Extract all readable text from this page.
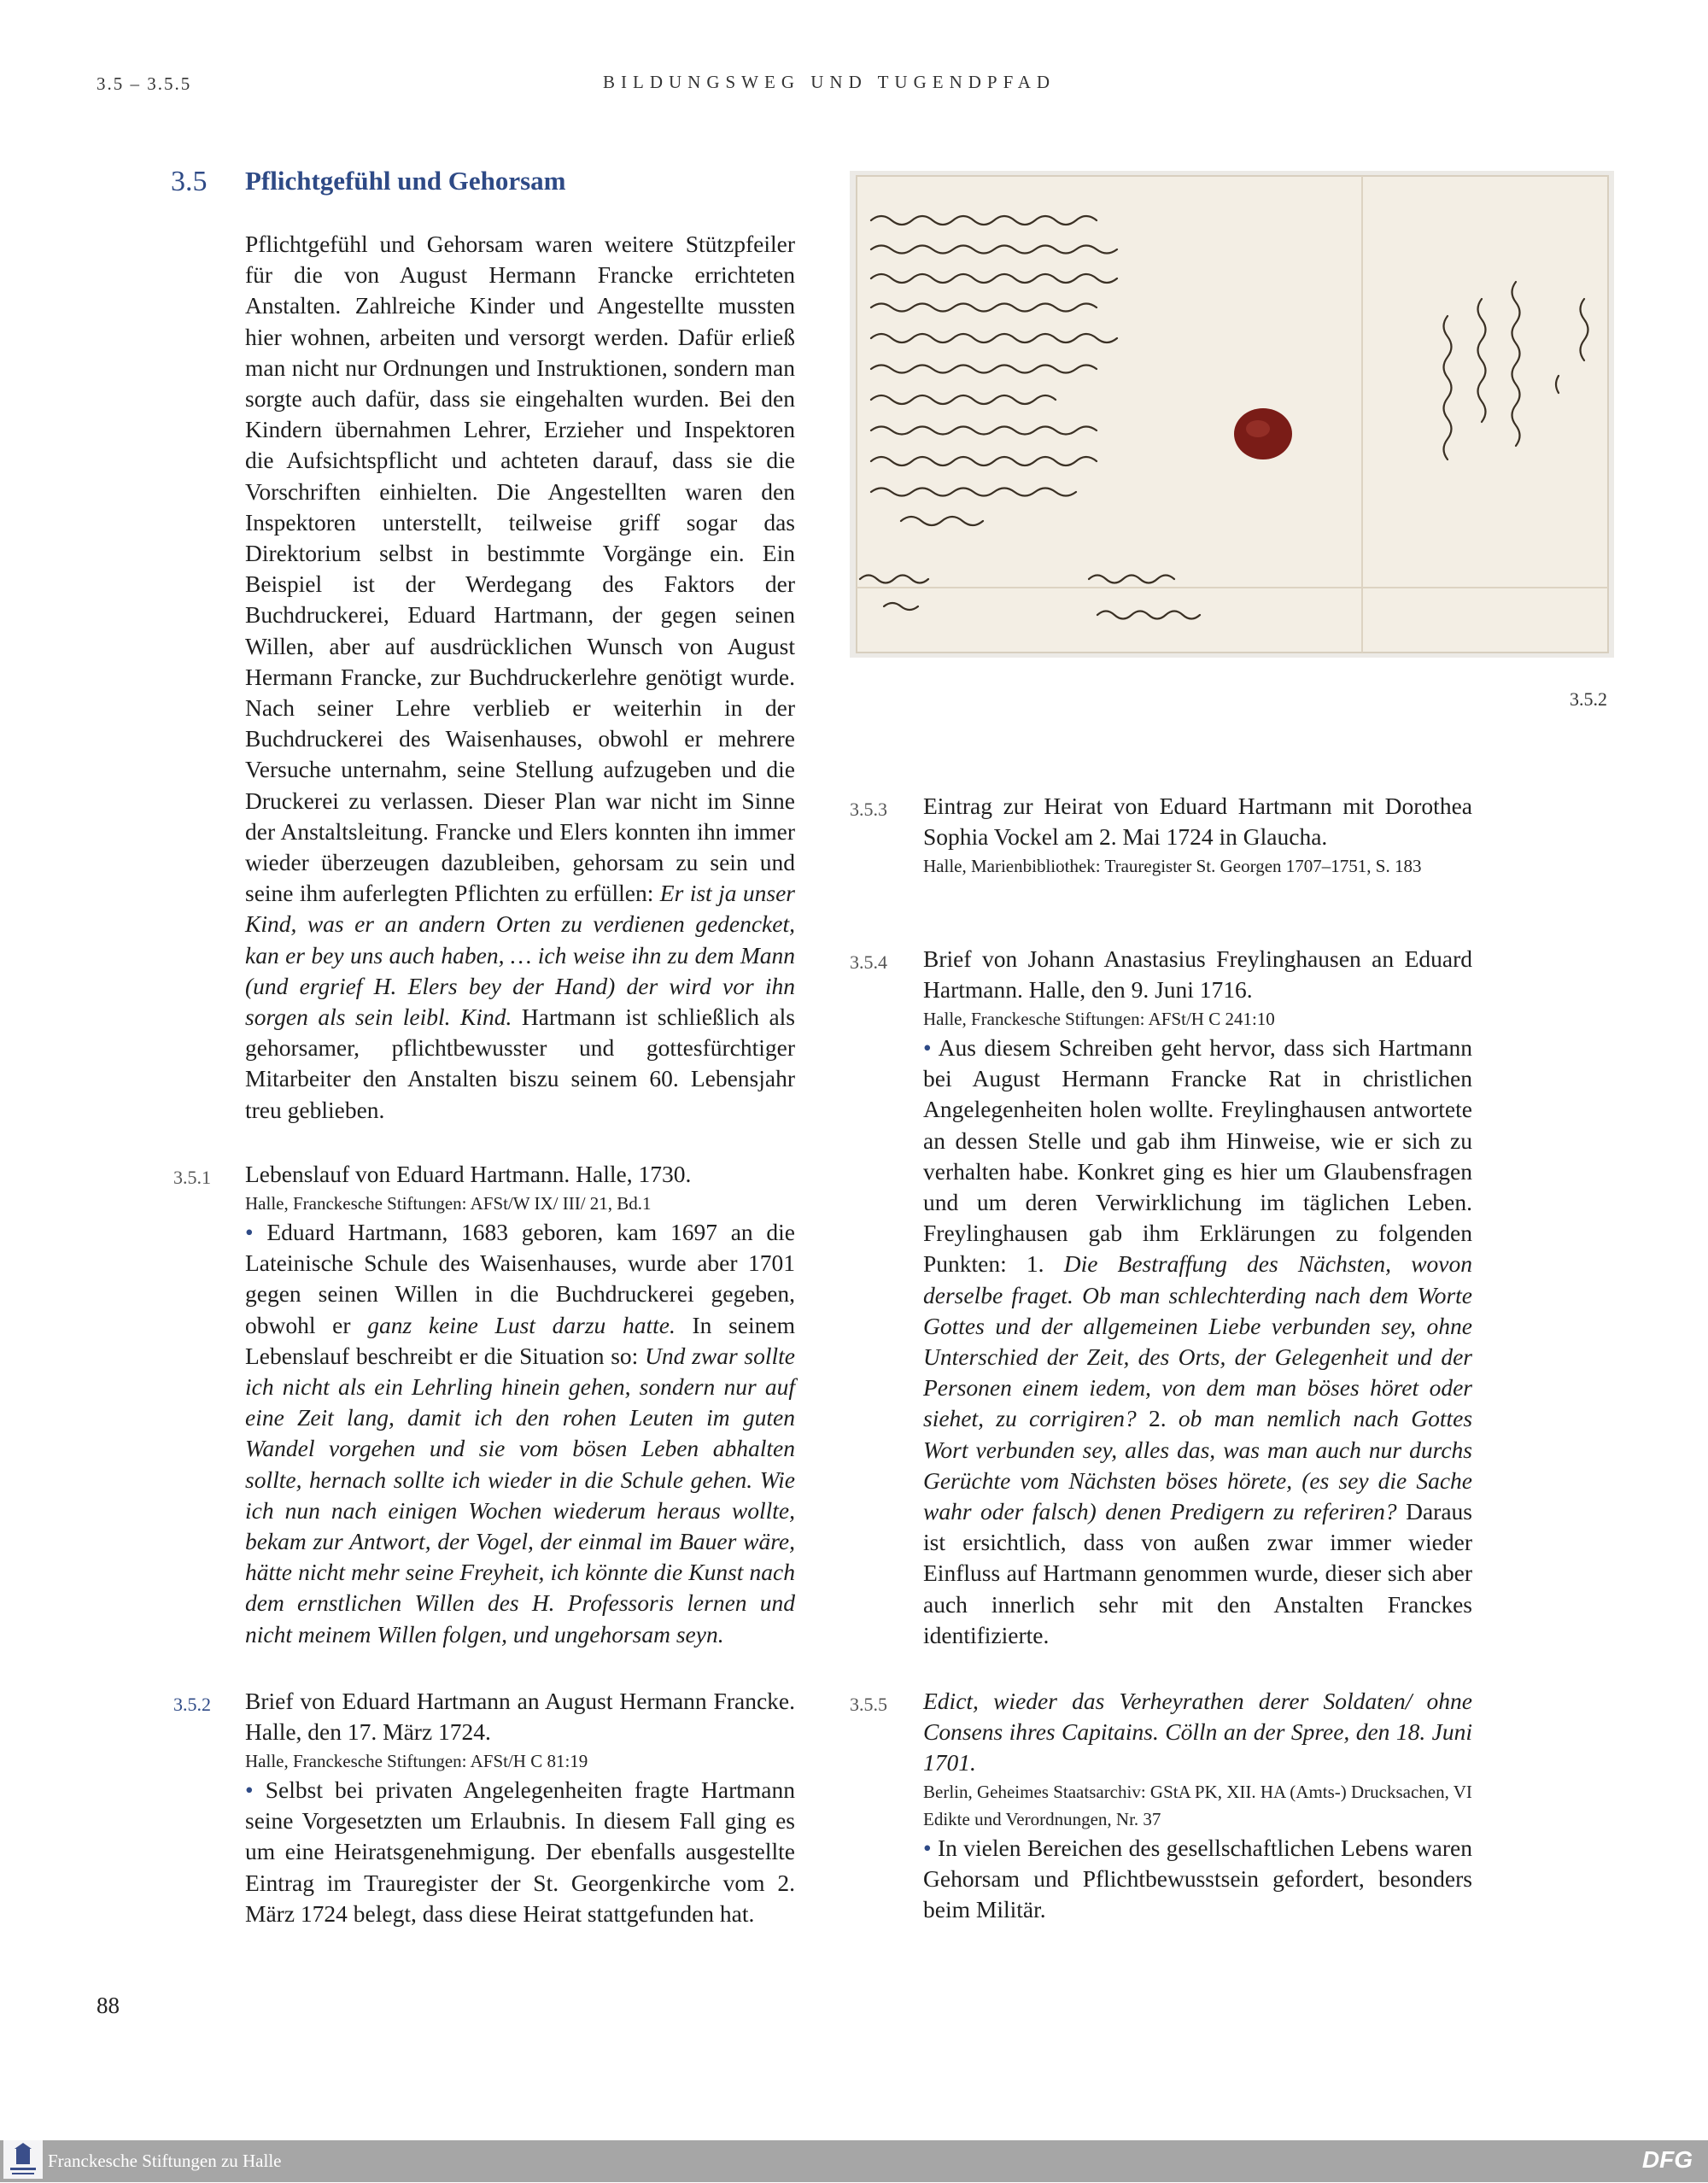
3.5 – 3.5.5	BILDUNGSWEG UND TUGENDPFAD
3.5 Pflichtgefühl und Gehorsam

Pflichtgefühl und Gehorsam waren weitere Stützpfeiler für die von August Hermann Francke errichteten Anstalten. Zahlreiche Kinder und Angestellte mussten hier wohnen, arbeiten und versorgt werden. Dafür erließ man nicht nur Ordnungen und Instruktionen, sondern man sorgte auch dafür, dass sie eingehalten wurden. Bei den Kindern übernahmen Lehrer, Erzieher und Inspektoren die Aufsichtspflicht und achteten darauf, dass sie die Vorschriften einhielten. Die Angestellten waren den Inspektoren unterstellt, teilweise griff sogar das Direktorium selbst in bestimmte Vorgänge ein. Ein Beispiel ist der Werdegang des Faktors der Buchdruckerei, Eduard Hartmann, der gegen seinen Willen, aber auf ausdrücklichen Wunsch von August Hermann Francke, zur Buchdruckerlehre genötigt wurde. Nach seiner Lehre verblieb er weiterhin in der Buchdruckerei des Waisenhauses, obwohl er mehrere Versuche unternahm, seine Stellung aufzugeben und die Druckerei zu verlassen. Dieser Plan war nicht im Sinne der Anstaltsleitung. Francke und Elers konnten ihn immer wieder überzeugen dazubleiben, gehorsam zu sein und seine ihm auferlegten Pflichten zu erfüllen: Er ist ja unser Kind, was er an andern Orten zu verdienen gedencket, kan er bey uns auch haben, … ich weise ihn zu dem Mann (und ergrief H. Elers bey der Hand) der wird vor ihn sorgen als sein leibl. Kind. Hartmann ist schließlich als gehorsamer, pflichtbewusster und gottesfürchtiger Mitarbeiter den Anstalten biszu seinem 60. Lebensjahr treu geblieben.

3.5.1 Lebenslauf von Eduard Hartmann. Halle, 1730.

Halle, Franckesche Stiftungen: AFSt/W IX/ III/ 21, Bd.1

• Eduard Hartmann, 1683 geboren, kam 1697 an die Lateinische Schule des Waisenhauses, wurde aber 1701 gegen seinen Willen in die Buchdruckerei gegeben, obwohl er ganz keine Lust darzu hatte. In seinem Lebenslauf beschreibt er die Situation so: Und zwar sollte ich nicht als ein Lehrling hinein gehen, sondern nur auf eine Zeit lang, damit ich den rohen Leuten im guten Wandel vorgehen und sie vom bösen Leben abhalten sollte, hernach sollte ich wieder in die Schule gehen. Wie ich nun nach einigen Wochen wiederum heraus wollte, bekam zur Antwort, der Vogel, der einmal im Bauer wäre, hätte nicht mehr seine Freyheit, ich könnte die Kunst nach dem ernstlichen Willen des H. Professoris lernen und nicht meinem Willen folgen, und ungehorsam seyn.

3.5.2 Brief von Eduard Hartmann an August Hermann Francke. Halle, den 17. März 1724.

Halle, Franckesche Stiftungen: AFSt/H C 81:19

• Selbst bei privaten Angelegenheiten fragte Hartmann seine Vorgesetzten um Erlaubnis. In diesem Fall ging es um eine Heiratsgenehmigung. Der ebenfalls ausgestellte Eintrag im Trauregister der St. Georgenkirche vom 2. März 1724 belegt, dass diese Heirat stattgefunden hat.

3.5.2
3.5.3 Eintrag zur Heirat von Eduard Hartmann mit Dorothea Sophia Vockel am 2. Mai 1724 in Glaucha.

Halle, Marienbibliothek: Trauregister St. Georgen 1707–1751, S. 183

3.5.4 Brief von Johann Anastasius Freylinghausen an Eduard Hartmann. Halle, den 9. Juni 1716.

Halle, Franckesche Stiftungen: AFSt/H C 241:10

• Aus diesem Schreiben geht hervor, dass sich Hartmann bei August Hermann Francke Rat in christlichen Angelegenheiten holen wollte. Freylinghausen antwortete an dessen Stelle und gab ihm Hinweise, wie er sich zu verhalten habe. Konkret ging es hier um Glaubensfragen und um deren Verwirklichung im täglichen Leben. Freylinghausen gab ihm Erklärungen zu folgenden Punkten: 1. Die Bestraffung des Nächsten, wovon derselbe fraget. Ob man schlechterding nach dem Worte Gottes und der allgemeinen Liebe verbunden sey, ohne Unterschied der Zeit, des Orts, der Gelegenheit und der Personen einem iedem, von dem man böses höret oder siehet, zu corrigiren? 2. ob man nemlich nach Gottes Wort verbunden sey, alles das, was man auch nur durchs Gerüchte vom Nächsten böses hörete, (es sey die Sache wahr oder falsch) denen Predigern zu referiren? Daraus ist ersichtlich, dass von außen zwar immer wieder Einfluss auf Hartmann genommen wurde, dieser sich aber auch innerlich sehr mit den Anstalten Franckes identifizierte.

3.5.5 Edict, wieder das Verheyrathen derer Soldaten/ ohne Consens ihres Capitains. Cölln an der Spree, den 18. Juni 1701.

Berlin, Geheimes Staatsarchiv: GStA PK, XII. HA (Amts-) Drucksachen, VI Edikte und Verordnungen, Nr. 37

• In vielen Bereichen des gesellschaftlichen Lebens waren Gehorsam und Pflichtbewusstsein gefordert, besonders beim Militär.

88
Franckesche Stiftungen zu Halle	DFG
